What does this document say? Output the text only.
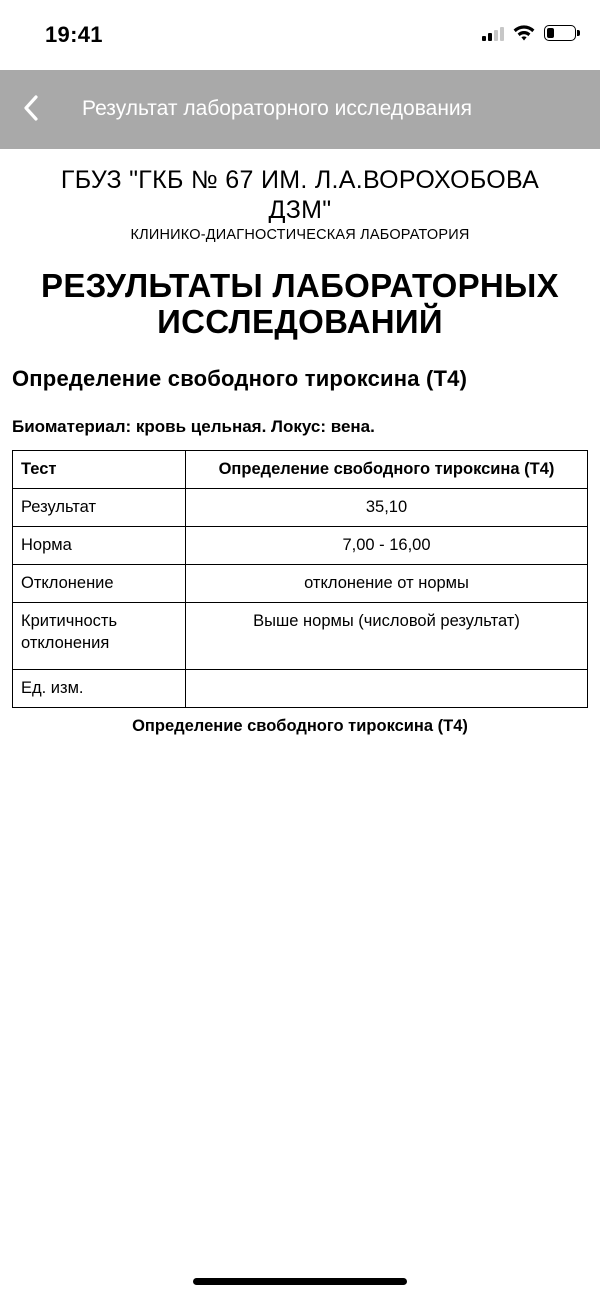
19:41
Результат лабораторного исследования
ГБУЗ "ГКБ № 67 ИМ. Л.А.ВОРОХОБОВА
ДЗМ"
КЛИНИКО-ДИАГНОСТИЧЕСКАЯ ЛАБОРАТОРИЯ
РЕЗУЛЬТАТЫ ЛАБОРАТОРНЫХ
ИССЛЕДОВАНИЙ
Определение свободного тироксина (Т4)
Биоматериал: кровь цельная. Локус: вена.
Тест	Определение свободного тироксина (Т4)
Результат	35,10
Норма	7,00 - 16,00
Отклонение	отклонение от нормы
Критичность отклонения	Выше нормы (числовой результат)
Ед. изм.	
Определение свободного тироксина (Т4)
